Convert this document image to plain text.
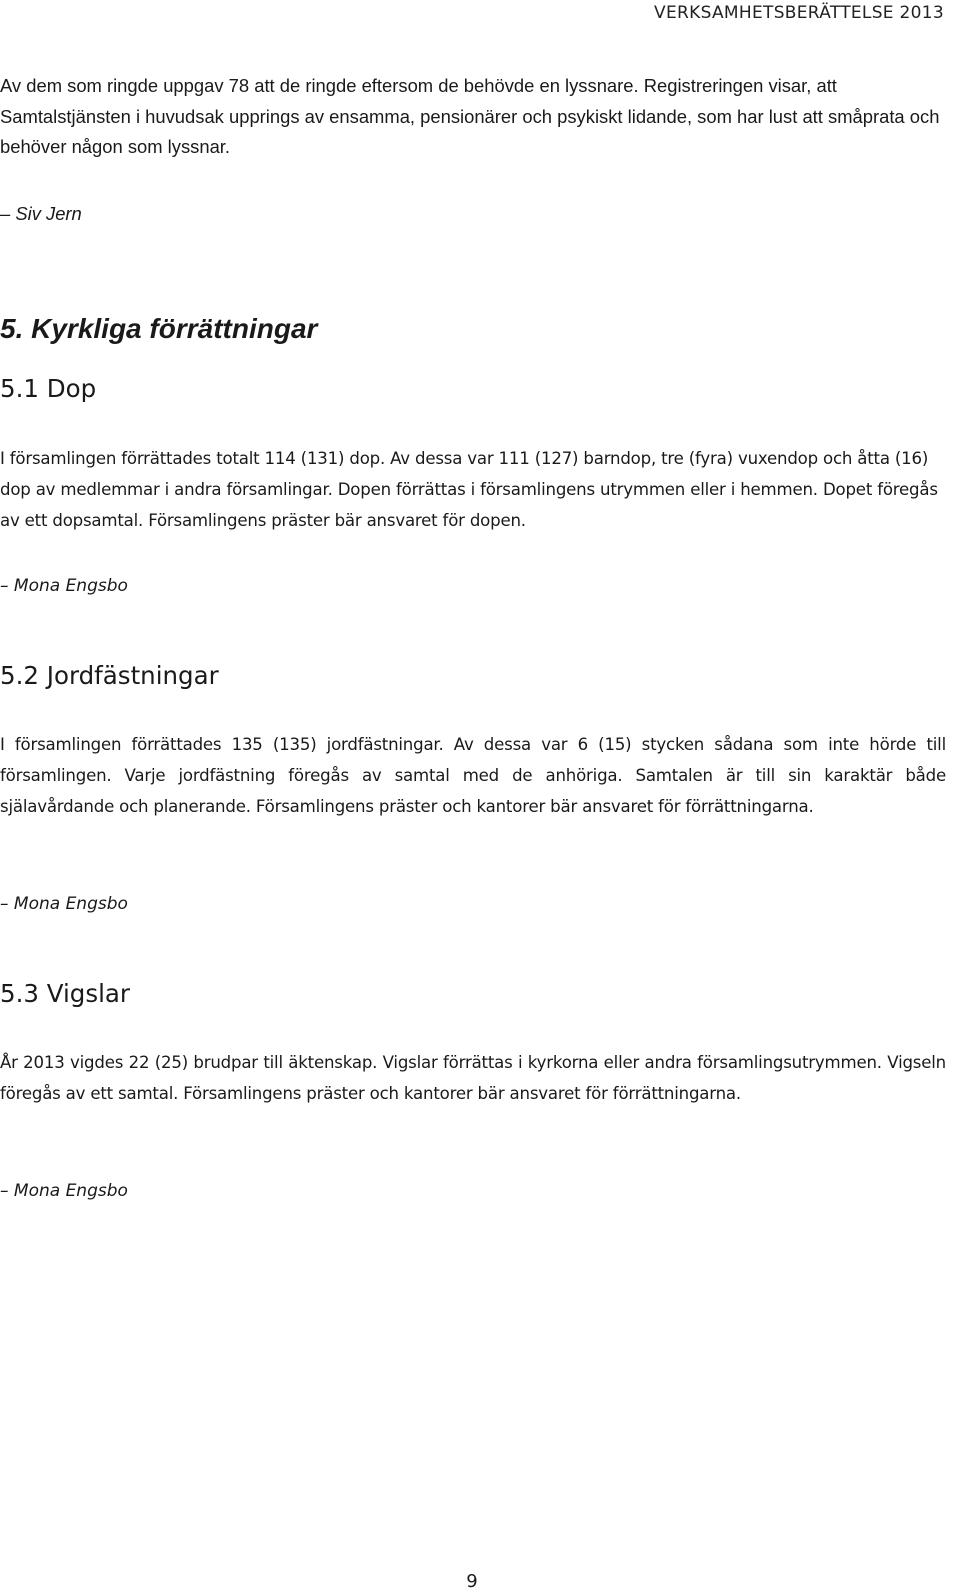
VERKSAMHETSBERÄTTELSE 2013

Av dem som ringde uppgav 78 att de ringde eftersom de behövde en lyssnare. Registreringen visar, att Samtalstjänsten i huvudsak upprings av ensamma, pensionärer och psykiskt lidande, som har lust att småprata och behöver någon som lyssnar.

– Siv Jern
5. Kyrkliga förrättningar
5.1 Dop

I församlingen förrättades totalt 114 (131) dop. Av dessa var 111 (127) barndop, tre (fyra) vuxendop och åtta (16) dop av medlemmar i andra församlingar. Dopen förrättas i församlingens utrymmen eller i hemmen. Dopet föregås av ett dopsamtal. Församlingens präster bär ansvaret för dopen.

– Mona Engsbo
5.2 Jordfästningar

I församlingen förrättades 135 (135) jordfästningar. Av dessa var 6 (15) stycken sådana som inte hörde till församlingen. Varje jordfästning föregås av samtal med de anhöriga. Samtalen är till sin karaktär både själavårdande och planerande. Församlingens präster och kantorer bär ansvaret för förrättningarna.

– Mona Engsbo
5.3 Vigslar

År 2013 vigdes 22 (25) brudpar till äktenskap. Vigslar förrättas i kyrkorna eller andra församlingsutrymmen. Vigseln föregås av ett samtal. Församlingens präster och kantorer bär ansvaret för förrättningarna.

– Mona Engsbo
9
